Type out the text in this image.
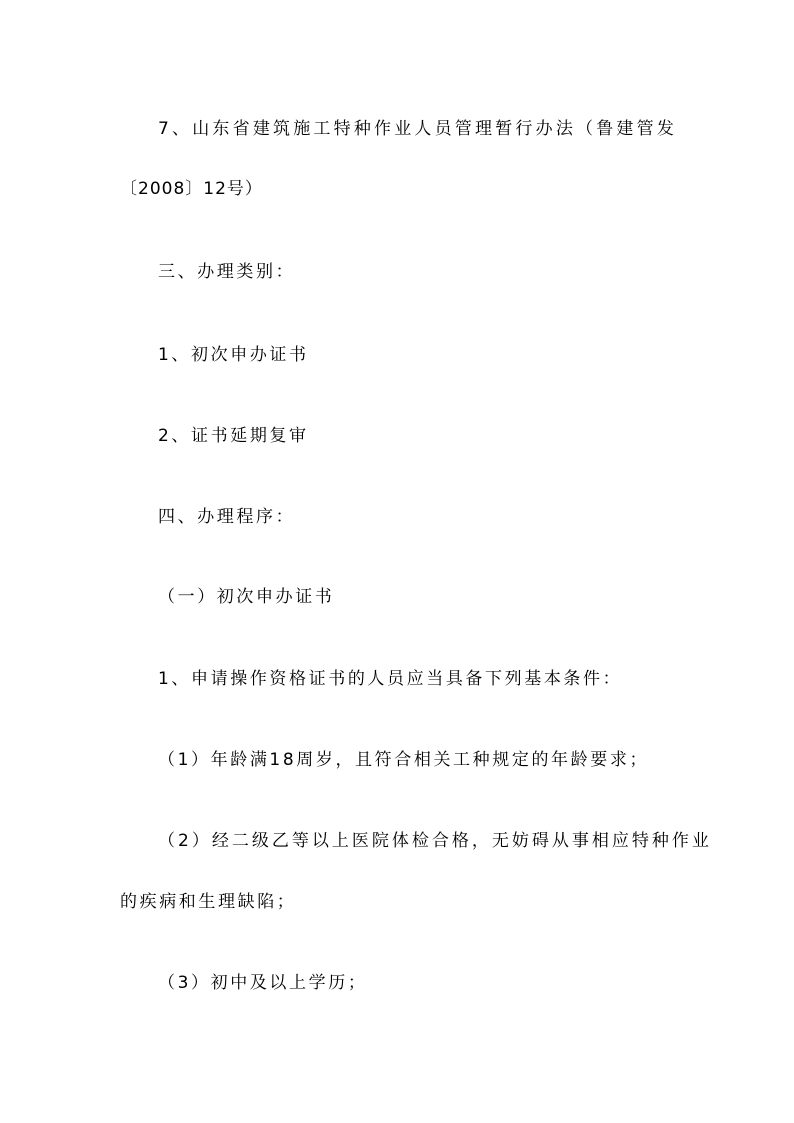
7、山东省建筑施工特种作业人员管理暂行办法（鲁建管发
〔2008〕12号）
三、办理类别：
1、初次申办证书
2、证书延期复审
四、办理程序：
（一）初次申办证书
1、申请操作资格证书的人员应当具备下列基本条件：
（1）年龄满18周岁，且符合相关工种规定的年龄要求；
（2）经二级乙等以上医院体检合格，无妨碍从事相应特种作业
的疾病和生理缺陷；
（3）初中及以上学历；
